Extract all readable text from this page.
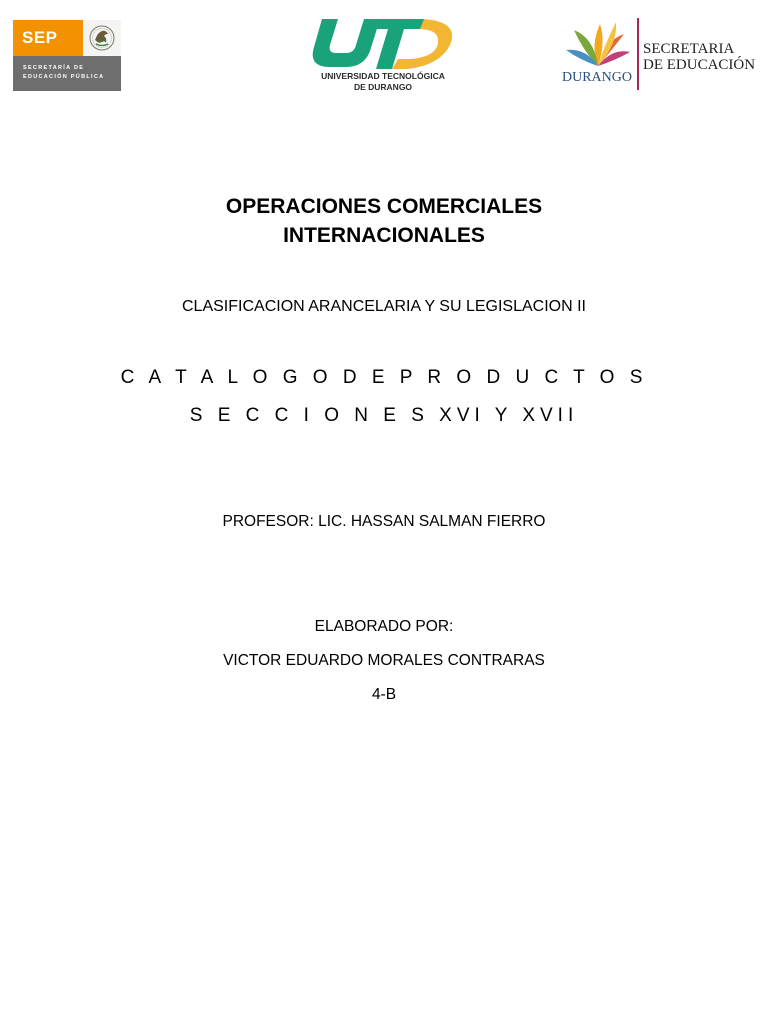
SEP
SECRETARÍA DE
EDUCACIÓN PÚBLICA	UNIVERSIDAD TECNOLÓGICA
DE DURANGO
DURANGO
SECRETARIA
DE EDUCACIÓN
OPERACIONES COMERCIALES
INTERNACIONALES
CLASIFICACION ARANCELARIA Y SU LEGISLACION II
C A T A L O G O D E P R O D U C T O S
S E C C I O N E S XVI Y XVII
PROFESOR: LIC. HASSAN SALMAN FIERRO
ELABORADO POR:
VICTOR EDUARDO MORALES CONTRARAS
4-B
